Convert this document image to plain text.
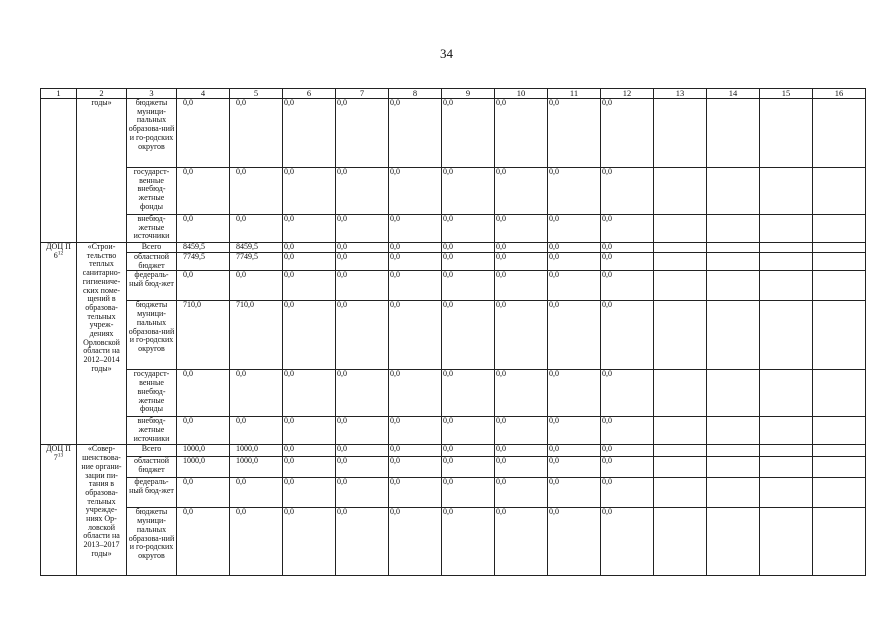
34
1	2	3	4	5	6	7	8	9	10	11	12	13	14	15	16
	годы»	бюджеты муници-пальных образова-ний и го-родских округов	0,0	0,0	0,0	0,0	0,0	0,0	0,0	0,0	0,0				
		государст-венные внебюд-жетные фонды	0,0	0,0	0,0	0,0	0,0	0,0	0,0	0,0	0,0				
		внебюд-жетные источники	0,0	0,0	0,0	0,0	0,0	0,0	0,0	0,0	0,0				
ДОЦ П $6^{12}$	«Строи-тельство теплых санитарно-гигиениче-ских поме-щений в образова-тельных учреж-дениях Орловской области на 2012–2014 годы»	Всего	8459,5	8459,5	0,0	0,0	0,0	0,0	0,0	0,0	0,0				
		областной бюджет	7749,5	7749,5	0,0	0,0	0,0	0,0	0,0	0,0	0,0				
		федераль-ный бюд-жет	0,0	0,0	0,0	0,0	0,0	0,0	0,0	0,0	0,0				
		бюджеты муници-пальных образова-ний и го-родских округов	710,0	710,0	0,0	0,0	0,0	0,0	0,0	0,0	0,0				
		государст-венные внебюд-жетные фонды	0,0	0,0	0,0	0,0	0,0	0,0	0,0	0,0	0,0				
		внебюд-жетные источники	0,0	0,0	0,0	0,0	0,0	0,0	0,0	0,0	0,0				
ДОЦ П $7^{13}$	«Совер-шенствова-ние органи-зации пи-тания в образова-тельных учрежде-ниях Ор-ловской области на 2013–2017 годы»	Всего	1000,0	1000,0	0,0	0,0	0,0	0,0	0,0	0,0	0,0				
		областной бюджет	1000,0	1000,0	0,0	0,0	0,0	0,0	0,0	0,0	0,0				
		федераль-ный бюд-жет	0,0	0,0	0,0	0,0	0,0	0,0	0,0	0,0	0,0				
		бюджеты муници-пальных образова-ний и го-родских округов	0,0	0,0	0,0	0,0	0,0	0,0	0,0	0,0	0,0				
